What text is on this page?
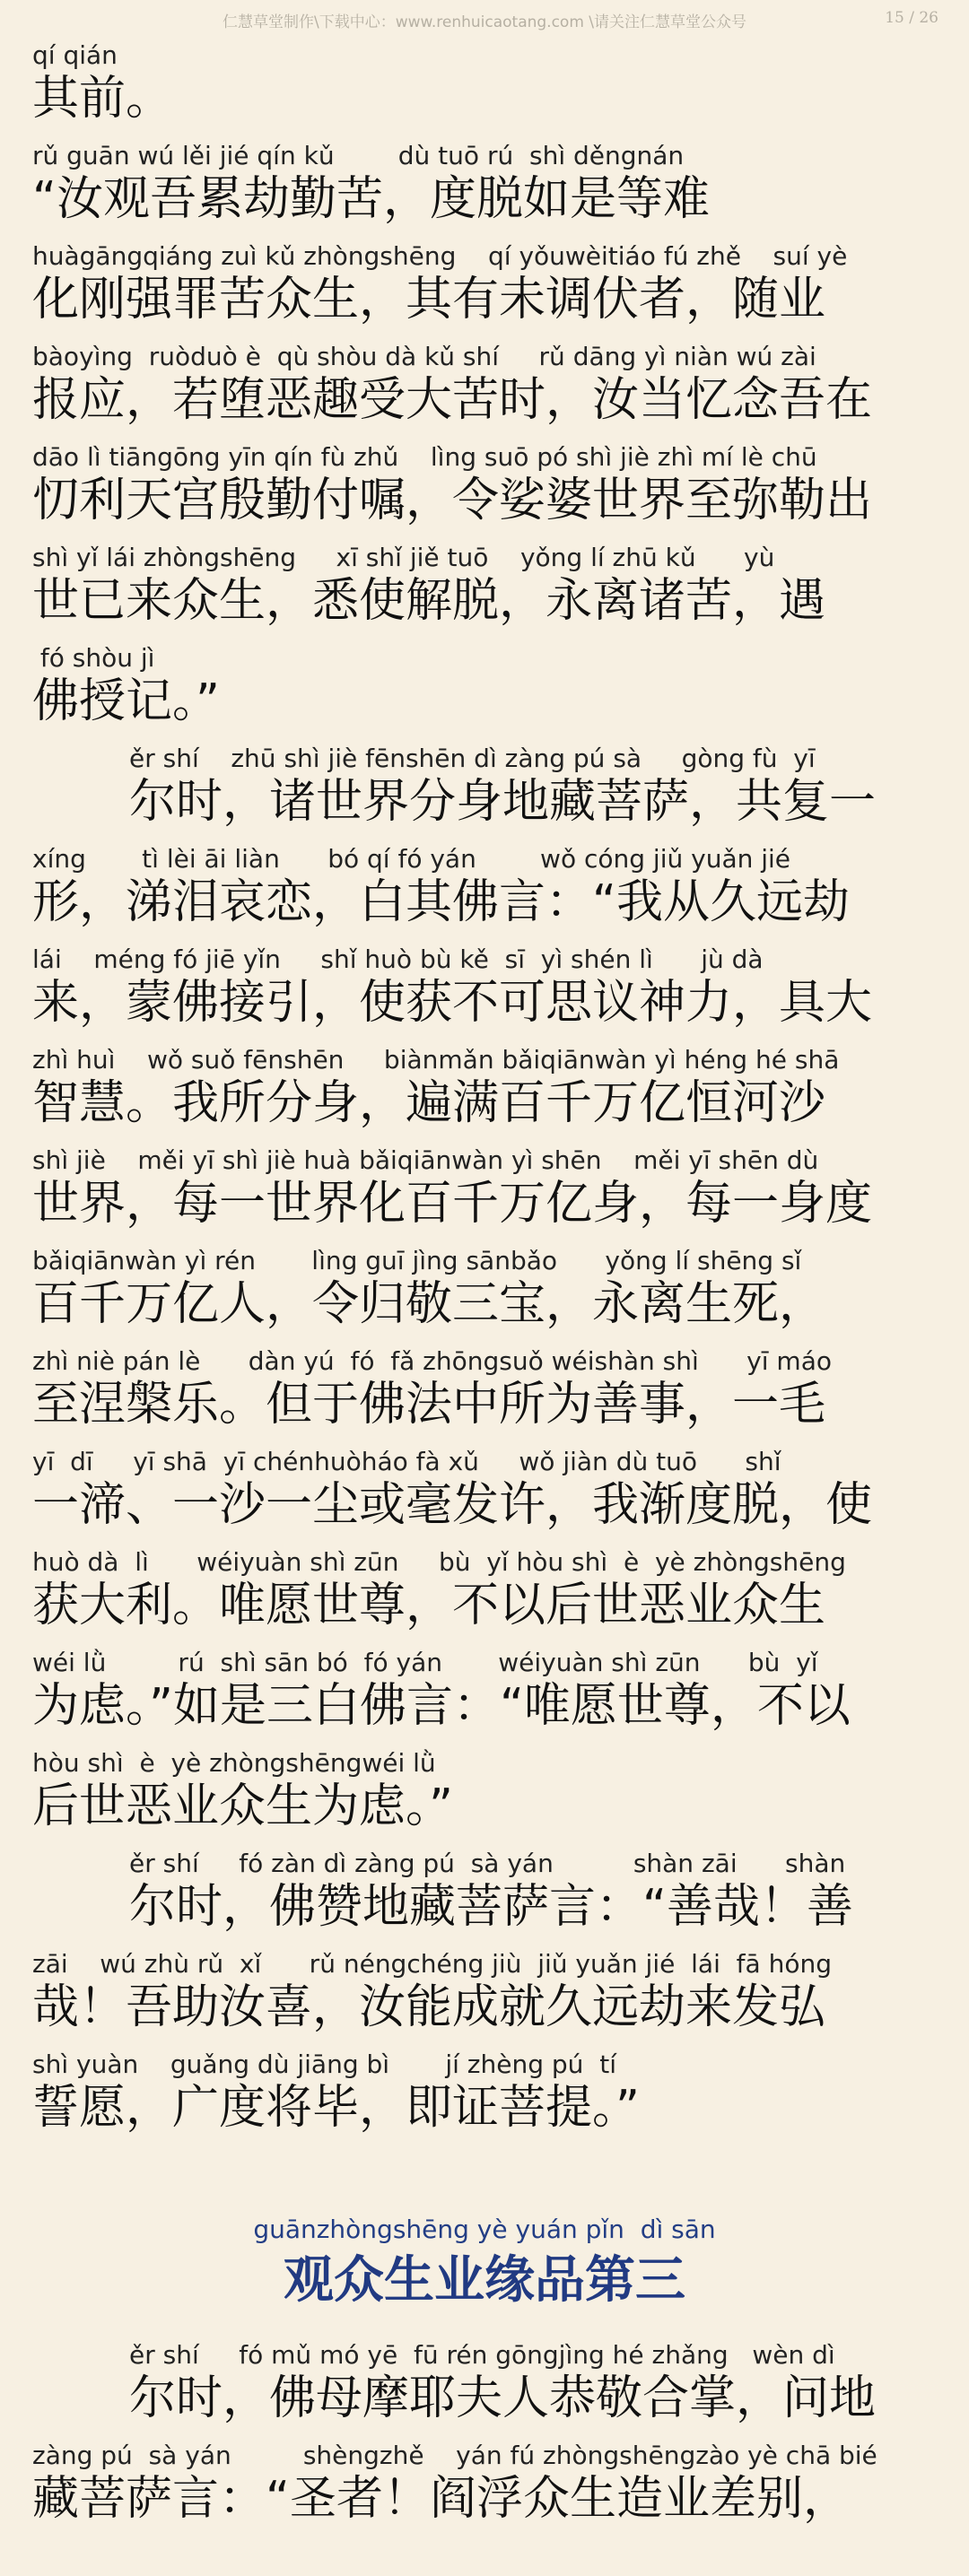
仁慧草堂制作\下载中心：www.renhuicaotang.com \请关注仁慧草堂公众号	15 / 26
qí qián
其前。
rǔ guān wú lěi jié qín kǔ        dù tuō rú  shì děngnán
“汝观吾累劫勤苦，度脱如是等难
huàgāngqiáng zuì kǔ zhòngshēng    qí yǒuwèitiáo fú zhě    suí yè
化刚强罪苦众生，其有未调伏者，随业
bàoyìng  ruòduò è  qù shòu dà kǔ shí     rǔ dāng yì niàn wú zài
报应，若堕恶趣受大苦时，汝当忆念吾在
dāo lì tiāngōng yīn qín fù zhǔ    lìng suō pó shì jiè zhì mí lè chū
忉利天宫殷勤付嘱，令娑婆世界至弥勒出
shì yǐ lái zhòngshēng     xī shǐ jiě tuō    yǒng lí zhū kǔ      yù
世已来众生，悉使解脱，永离诸苦，遇
fó shòu jì
佛授记。”
ěr shí    zhū shì jiè fēnshēn dì zàng pú sà     gòng fù  yī
尔时，诸世界分身地藏菩萨，共复一
xíng       tì lèi āi liàn      bó qí fó yán        wǒ cóng jiǔ yuǎn jié
形，涕泪哀恋，白其佛言：“我从久远劫
lái    méng fó jiē yǐn     shǐ huò bù kě  sī  yì shén lì      jù dà
来，蒙佛接引，使获不可思议神力，具大
zhì huì    wǒ suǒ fēnshēn     biànmǎn bǎiqiānwàn yì héng hé shā
智慧。我所分身，遍满百千万亿恒河沙
shì jiè    měi yī shì jiè huà bǎiqiānwàn yì shēn    měi yī shēn dù
世界，每一世界化百千万亿身，每一身度
bǎiqiānwàn yì rén       lìng guī jìng sānbǎo      yǒng lí shēng sǐ
百千万亿人，令归敬三宝，永离生死，
zhì niè pán lè      dàn yú  fó  fǎ zhōngsuǒ wéishàn shì      yī máo
至涅槃乐。但于佛法中所为善事，一毛
yī  dī     yī shā  yī chénhuòháo fà xǔ     wǒ jiàn dù tuō      shǐ
一渧、一沙一尘或毫发许，我渐度脱，使
huò dà  lì      wéiyuàn shì zūn     bù  yǐ hòu shì  è  yè zhòngshēng
获大利。唯愿世尊，不以后世恶业众生
wéi lǜ         rú  shì sān bó  fó yán       wéiyuàn shì zūn      bù  yǐ
为虑。”如是三白佛言：“唯愿世尊，不以
hòu shì  è  yè zhòngshēngwéi lǜ
后世恶业众生为虑。”
ěr shí     fó zàn dì zàng pú  sà yán          shàn zāi      shàn
尔时，佛赞地藏菩萨言：“善哉！善
zāi    wú zhù rǔ  xǐ      rǔ néngchéng jiù  jiǔ yuǎn jié  lái  fā hóng
哉！吾助汝喜，汝能成就久远劫来发弘
shì yuàn    guǎng dù jiāng bì       jí zhèng pú  tí
誓愿，广度将毕，即证菩提。”
guānzhòngshēng yè yuán pǐn  dì sān
观众生业缘品第三
ěr shí     fó mǔ mó yē  fū rén gōngjìng hé zhǎng   wèn dì
尔时，佛母摩耶夫人恭敬合掌，问地
zàng pú  sà yán         shèngzhě    yán fú zhòngshēngzào yè chā bié
藏菩萨言：“圣者！阎浮众生造业差别，
